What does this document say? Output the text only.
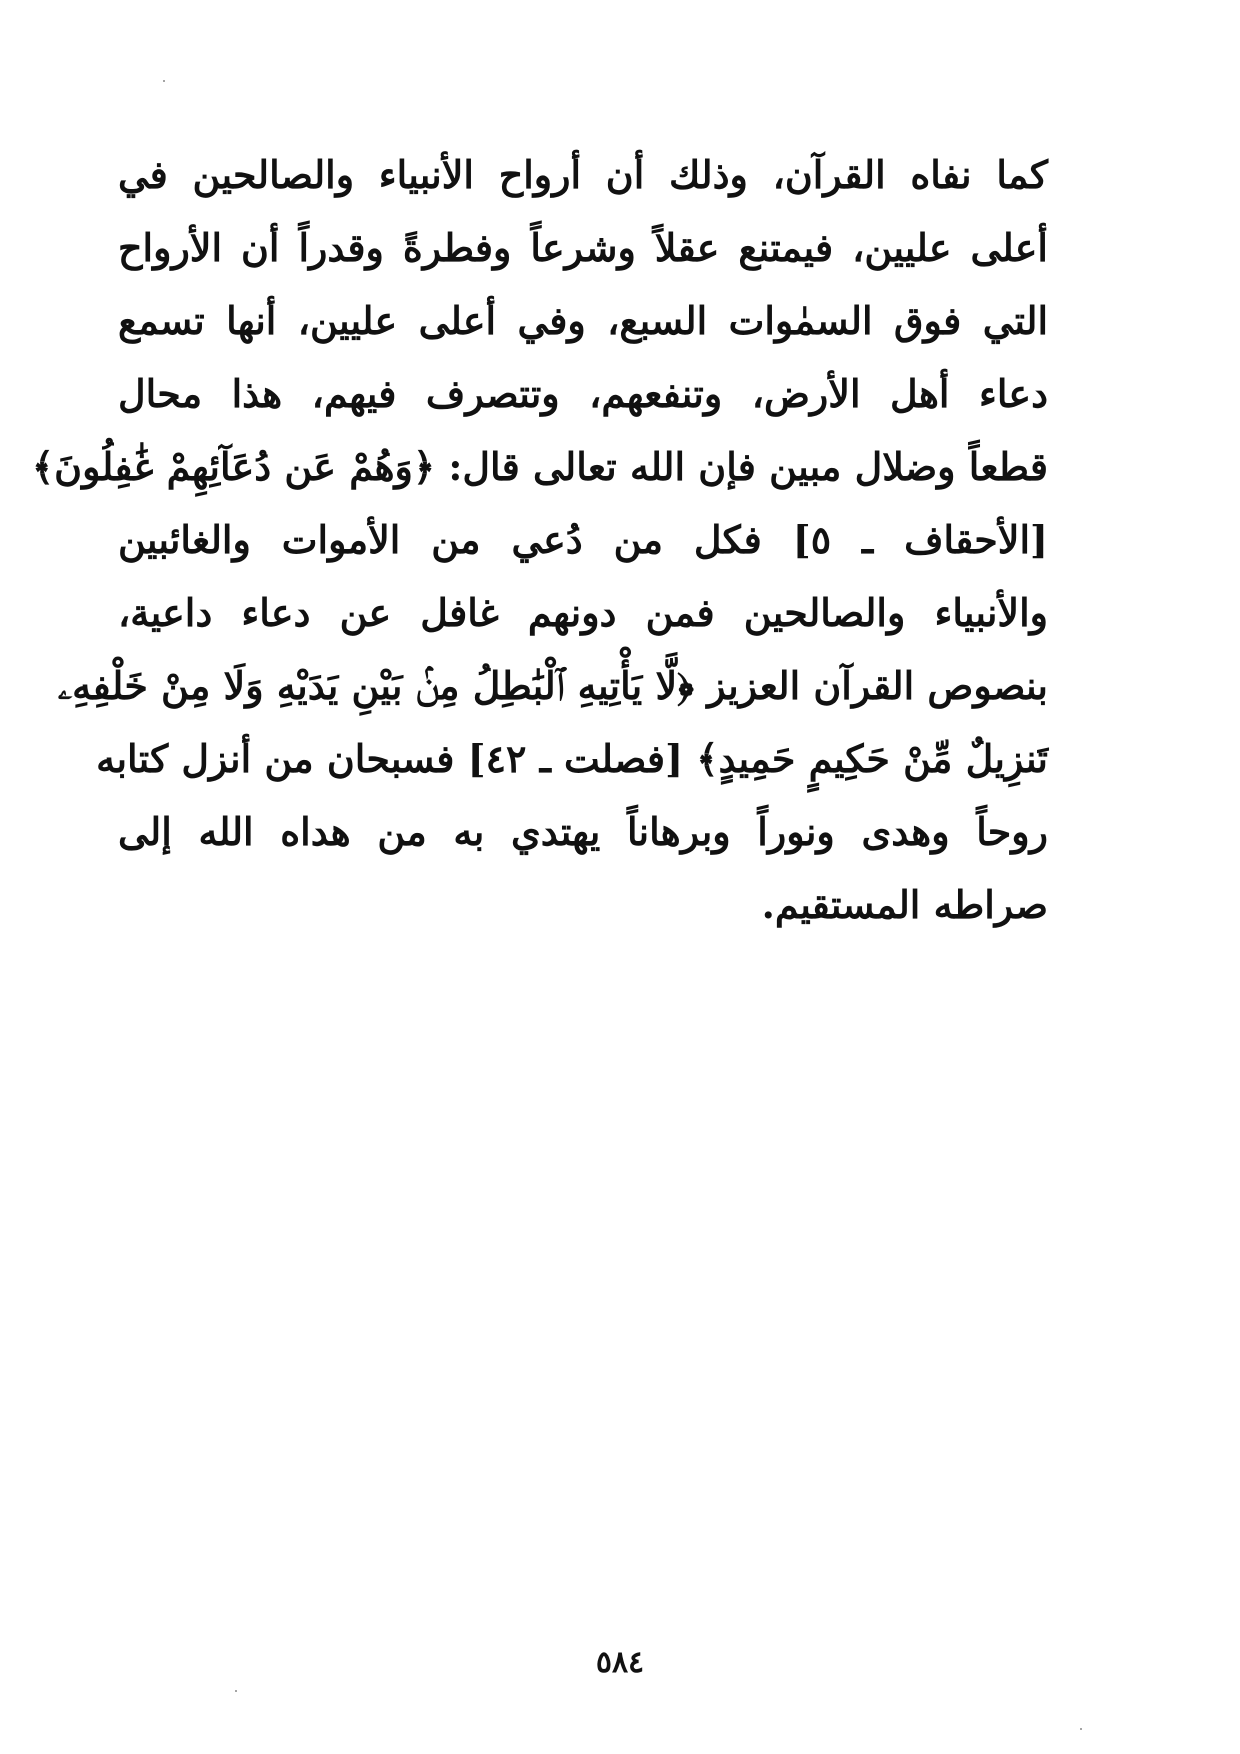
كما نفاه القرآن، وذلك أن أرواح الأنبياء والصالحين في
أعلى عليين، فيمتنع عقلاً وشرعاً وفطرةً وقدراً أن الأرواح
التي فوق السمٰوات السبع، وفي أعلى عليين، أنها تسمع
دعاء أهل الأرض، وتنفعهم، وتتصرف فيهم، هذا محال
قطعاً وضلال مبين فإن الله تعالى قال: ﴿وَهُمْ عَن دُعَآئِهِمْ غَٰفِلُونَ﴾
[الأحقاف ـ ٥] فكل من دُعي من الأموات والغائبين
والأنبياء والصالحين فمن دونهم غافل عن دعاء داعية،
بنصوص القرآن العزيز ﴿لَّا يَأْتِيهِ ٱلْبَٰطِلُ مِنۢ بَيْنِ يَدَيْهِ وَلَا مِنْ خَلْفِهِۦ
تَنزِيلٌ مِّنْ حَكِيمٍ حَمِيدٍ﴾ [فصلت ـ ٤٢] فسبحان من أنزل كتابه
روحاً وهدى ونوراً وبرهاناً يهتدي به من هداه الله إلى
صراطه المستقيم.
٥٨٤
